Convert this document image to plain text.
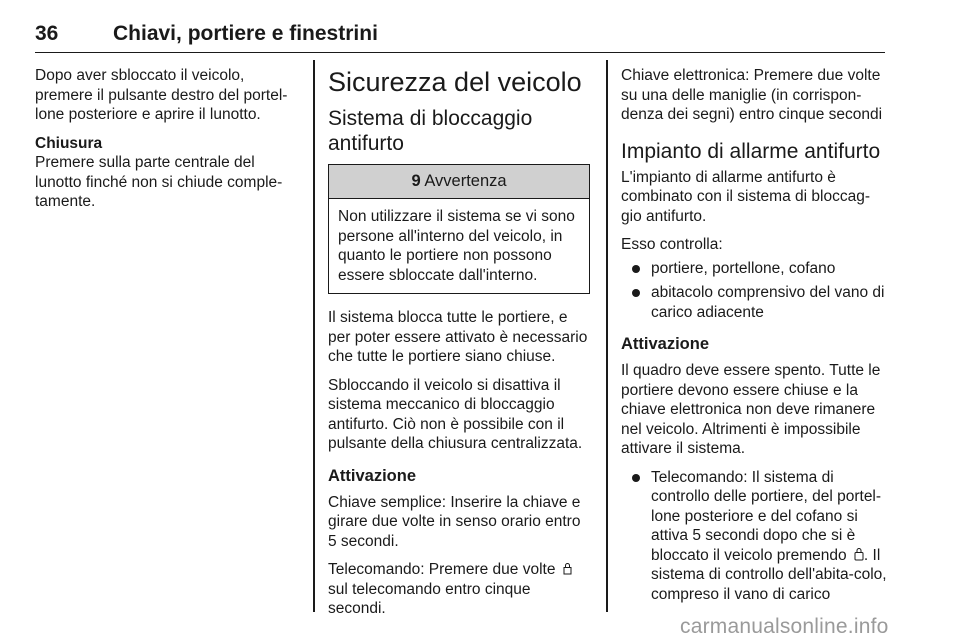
36	Chiavi, portiere e finestrini

Dopo aver sbloccato il veicolo, premere il pulsante destro del portel-lone posteriore e aprire il lunotto.

Chiusura

Premere sulla parte centrale del lunotto finché non si chiude comple-tamente.

Sicurezza del veicolo
Sistema di bloccaggio antifurto
9 Avvertenza
Non utilizzare il sistema se vi sono persone all'interno del veicolo, in quanto le portiere non possono essere sbloccate dall'interno.

Il sistema blocca tutte le portiere, e per poter essere attivato è necessario che tutte le portiere siano chiuse.

Sbloccando il veicolo si disattiva il sistema meccanico di bloccaggio antifurto. Ciò non è possibile con il pulsante della chiusura centralizzata.

Attivazione

Chiave semplice: Inserire la chiave e girare due volte in senso orario entro 5 secondi.

Telecomando: Premere due volte  sul telecomando entro cinque secondi.

Chiave elettronica: Premere due volte su una delle maniglie (in corrispon-denza dei segni) entro cinque secondi

Impianto di allarme antifurto

L'impianto di allarme antifurto è combinato con il sistema di bloccag-gio antifurto.

Esso controlla:

portiere, portellone, cofano
abitacolo comprensivo del vano di carico adiacente
Attivazione

Il quadro deve essere spento. Tutte le portiere devono essere chiuse e la chiave elettronica non deve rimanere nel veicolo. Altrimenti è impossibile attivare il sistema.

Telecomando: Il sistema di controllo delle portiere, del portel-lone posteriore e del cofano si attiva 5 secondi dopo che si è bloccato il veicolo premendo . Il sistema di controllo dell'abita-colo, compreso il vano di carico
carmanualsonline.info
